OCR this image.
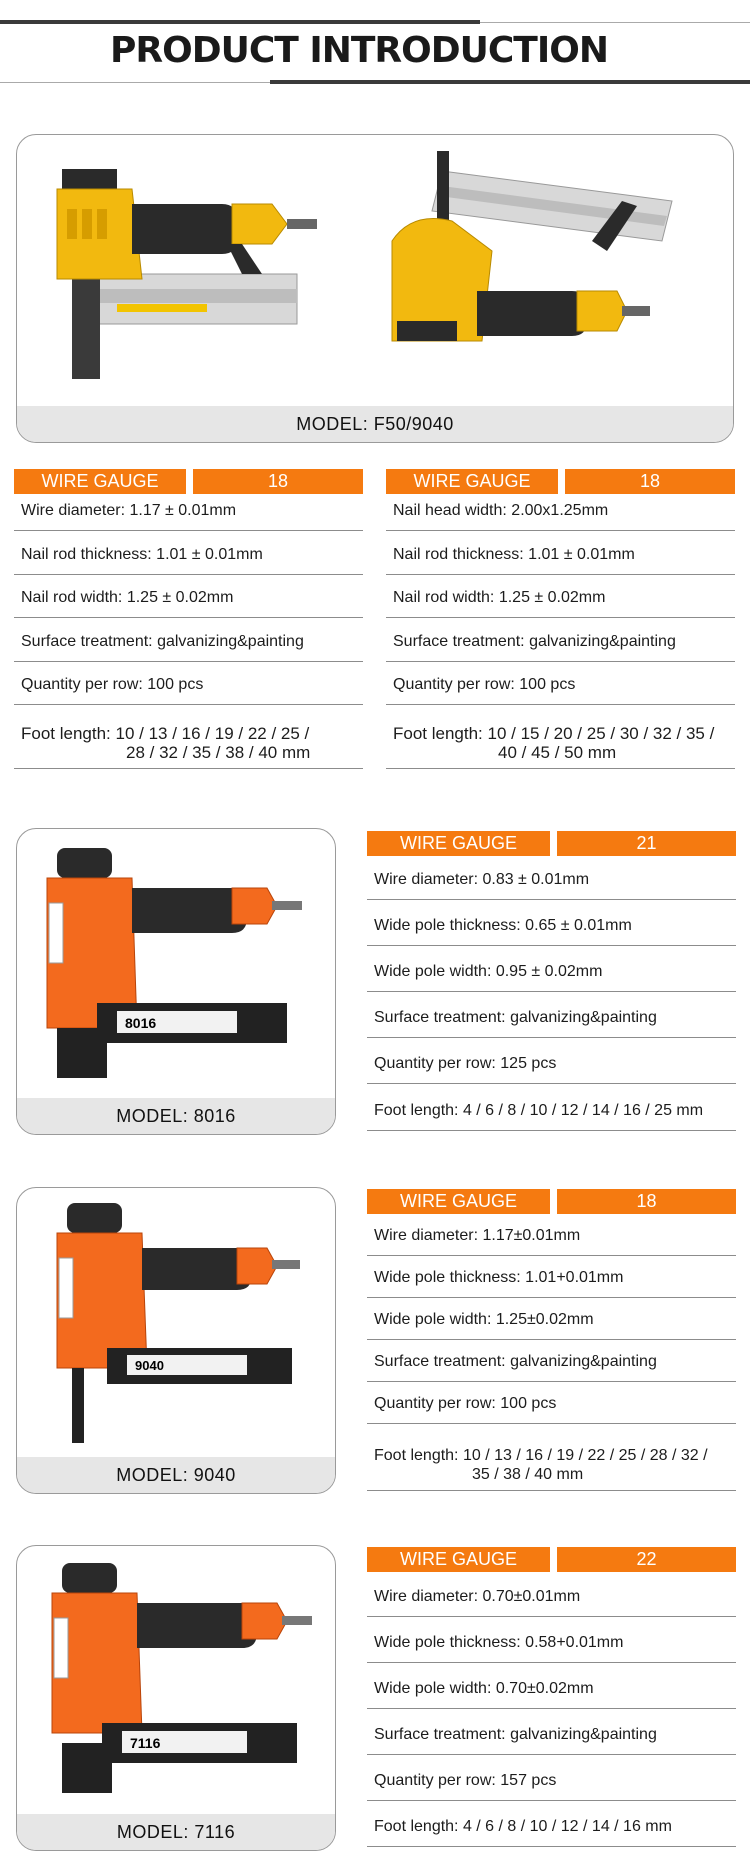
PRODUCT INTRODUCTION
MODEL: F50/9040
WIRE GAUGE	18
Wire diameter: 1.17 ± 0.01mm
Nail rod thickness: 1.01 ± 0.01mm
Nail rod width: 1.25 ± 0.02mm
Surface treatment: galvanizing&painting
Quantity per row: 100 pcs
Foot length: 10 / 13 / 16 / 19 / 22 / 25 /
28 / 32 / 35 / 38 / 40 mm
WIRE GAUGE	18
Nail head width: 2.00x1.25mm
Nail rod thickness: 1.01 ± 0.01mm
Nail rod width: 1.25 ± 0.02mm
Surface treatment: galvanizing&painting
Quantity per row: 100 pcs
Foot length: 10 / 15 / 20 / 25 / 30 / 32 / 35 /
40 / 45 / 50 mm
8016
MODEL: 8016
WIRE GAUGE	21
Wire diameter: 0.83 ± 0.01mm
Wide pole thickness: 0.65 ± 0.01mm
Wide pole width: 0.95 ± 0.02mm
Surface treatment: galvanizing&painting
Quantity per row: 125 pcs
Foot length: 4 / 6 / 8 / 10 / 12 / 14 / 16 / 25 mm
9040
MODEL: 9040
WIRE GAUGE	18
Wire diameter: 1.17±0.01mm
Wide pole thickness: 1.01+0.01mm
Wide pole width: 1.25±0.02mm
Surface treatment: galvanizing&painting
Quantity per row: 100 pcs
Foot length: 10 / 13 / 16 / 19 / 22 / 25 / 28 / 32 /
35 / 38 / 40 mm
7116
MODEL: 7116
WIRE GAUGE	22
Wire diameter: 0.70±0.01mm
Wide pole thickness: 0.58+0.01mm
Wide pole width: 0.70±0.02mm
Surface treatment: galvanizing&painting
Quantity per row: 157 pcs
Foot length: 4 / 6 / 8 / 10 / 12 / 14 / 16 mm
